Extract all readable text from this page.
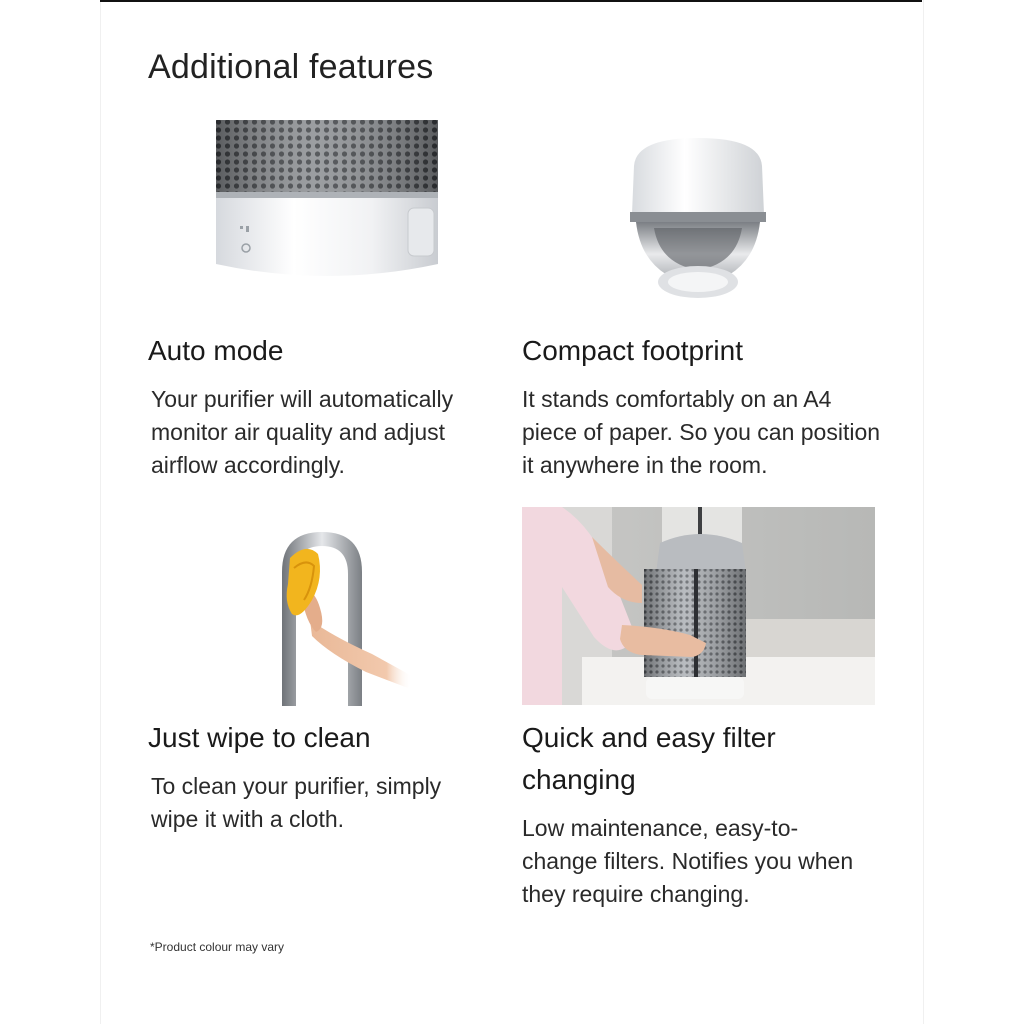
Additional features
Auto mode

Your purifier will automatically monitor air quality and adjust airflow accordingly.

Compact footprint

It stands comfortably on an A4 piece of paper. So you can position it anywhere in the room.

Just wipe to clean

To clean your purifier, simply wipe it with a cloth.

Quick and easy filter changing

Low maintenance, easy-to-change filters. Notifies you when they require changing.

*Product colour may vary
